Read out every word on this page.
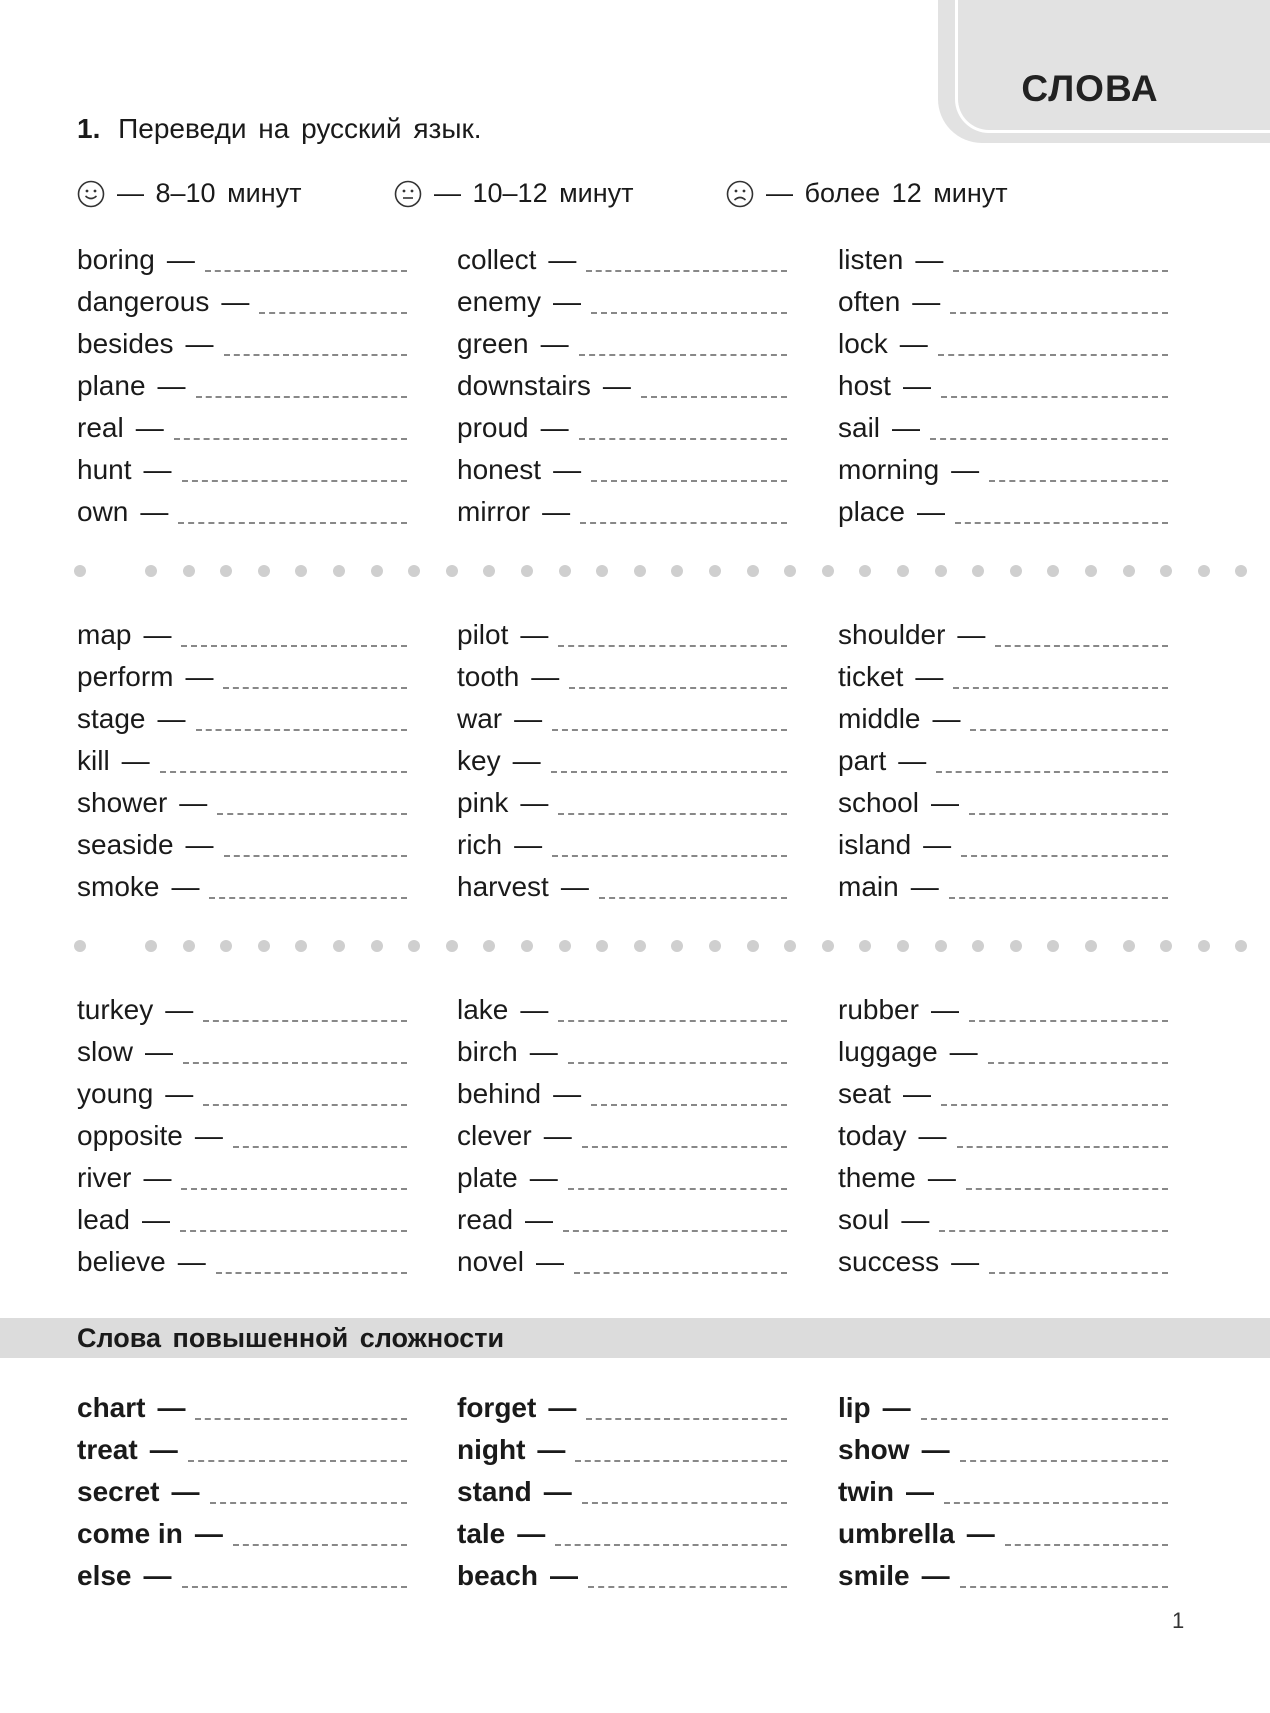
СЛОВА
1. Переведи на русский язык.
— 8–10 минут	— 10–12 минут	— более 12 минут
boring —
dangerous —
besides —
plane —
real —
hunt —
own —
collect —
enemy —
green —
downstairs —
proud —
honest —
mirror —
listen —
often —
lock —
host —
sail —
morning —
place —
map —
perform —
stage —
kill —
shower —
seaside —
smoke —
pilot —
tooth —
war —
key —
pink —
rich —
harvest —
shoulder —
ticket —
middle —
part —
school —
island —
main —
turkey —
slow —
young —
opposite —
river —
lead —
believe —
lake —
birch —
behind —
clever —
plate —
read —
novel —
rubber —
luggage —
seat —
today —
theme —
soul —
success —
Слова повышенной сложности
chart —
treat —
secret —
come in —
else —
forget —
night —
stand —
tale —
beach —
lip —
show —
twin —
umbrella —
smile —
1
